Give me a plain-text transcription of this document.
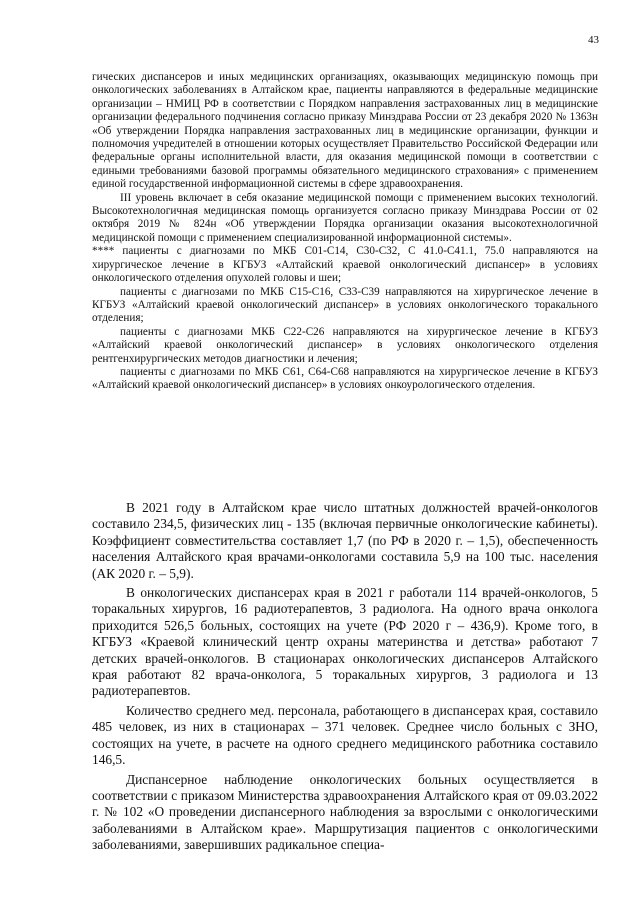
43

гических диспансеров и иных медицинских организациях, оказывающих медицинскую помощь при онкологических заболеваниях в Алтайском крае, пациенты направляются в федеральные медицинские организации – НМИЦ РФ в соответствии с Порядком направления застрахованных лиц в медицинские организации федерального подчинения согласно приказу Минздрава России от 23 декабря 2020 № 1363н «Об утверждении Порядка направления застрахованных лиц в медицинские организации, функции и полномочия учредителей в отношении которых осуществляет Правительство Российской Федерации или федеральные органы исполнительной власти, для оказания медицинской помощи в соответствии с едиными требованиями базовой программы обязательного медицинского страхования» с применением единой государственной информационной системы в сфере здравоохранения.

III уровень включает в себя оказание медицинской помощи с применением высоких технологий. Высокотехнологичная медицинская помощь организуется согласно приказу Минздрава России от 02 октября 2019 № 824н «Об утверждении Порядка организации оказания высокотехнологичной медицинской помощи с применением специализированной информационной системы».

**** пациенты с диагнозами по МКБ С01-С14, С30-С32, С 41.0-С41.1, 75.0 направляются на хирургическое лечение в КГБУЗ «Алтайский краевой онкологический диспансер» в условиях онкологического отделения опухолей головы и шеи;

пациенты с диагнозами по МКБ С15-С16, С33-С39 направляются на хирургическое лечение в КГБУЗ «Алтайский краевой онкологический диспансер» в условиях онкологического торакального отделения;

пациенты с диагнозами МКБ С22-С26 направляются на хирургическое лечение в КГБУЗ «Алтайский краевой онкологический диспансер» в условиях онкологического отделения рентгенхирургических методов диагностики и лечения;

пациенты с диагнозами по МКБ С61, С64-С68 направляются на хирургическое лечение в КГБУЗ «Алтайский краевой онкологический диспансер» в условиях онкоурологического отделения.

В 2021 году в Алтайском крае число штатных должностей врачей-онкологов составило 234,5, физических лиц - 135 (включая первичные онкологические кабинеты). Коэффициент совместительства составляет 1,7 (по РФ в 2020 г. – 1,5), обеспеченность населения Алтайского края врачами-онкологами составила 5,9 на 100 тыс. населения (АК 2020 г. – 5,9).

В онкологических диспансерах края в 2021 г работали 114 врачей-онкологов, 5 торакальных хирургов, 16 радиотерапевтов, 3 радиолога. На одного врача онколога приходится 526,5 больных, состоящих на учете (РФ 2020 г – 436,9). Кроме того, в КГБУЗ «Краевой клинический центр охраны материнства и детства» работают 7 детских врачей-онкологов. В стационарах онкологических диспансеров Алтайского края работают 82 врача-онколога, 5 торакальных хирургов, 3 радиолога и 13 радиотерапевтов.

Количество среднего мед. персонала, работающего в диспансерах края, составило 485 человек, из них в стационарах – 371 человек. Среднее число больных с ЗНО, состоящих на учете, в расчете на одного среднего медицинского работника составило 146,5.

Диспансерное наблюдение онкологических больных осуществляется в соответствии с приказом Министерства здравоохранения Алтайского края от 09.03.2022 г. № 102 «О проведении диспансерного наблюдения за взрослыми с онкологическими заболеваниями в Алтайском крае». Маршрутизация пациентов с онкологическими заболеваниями, завершивших радикальное специа-
